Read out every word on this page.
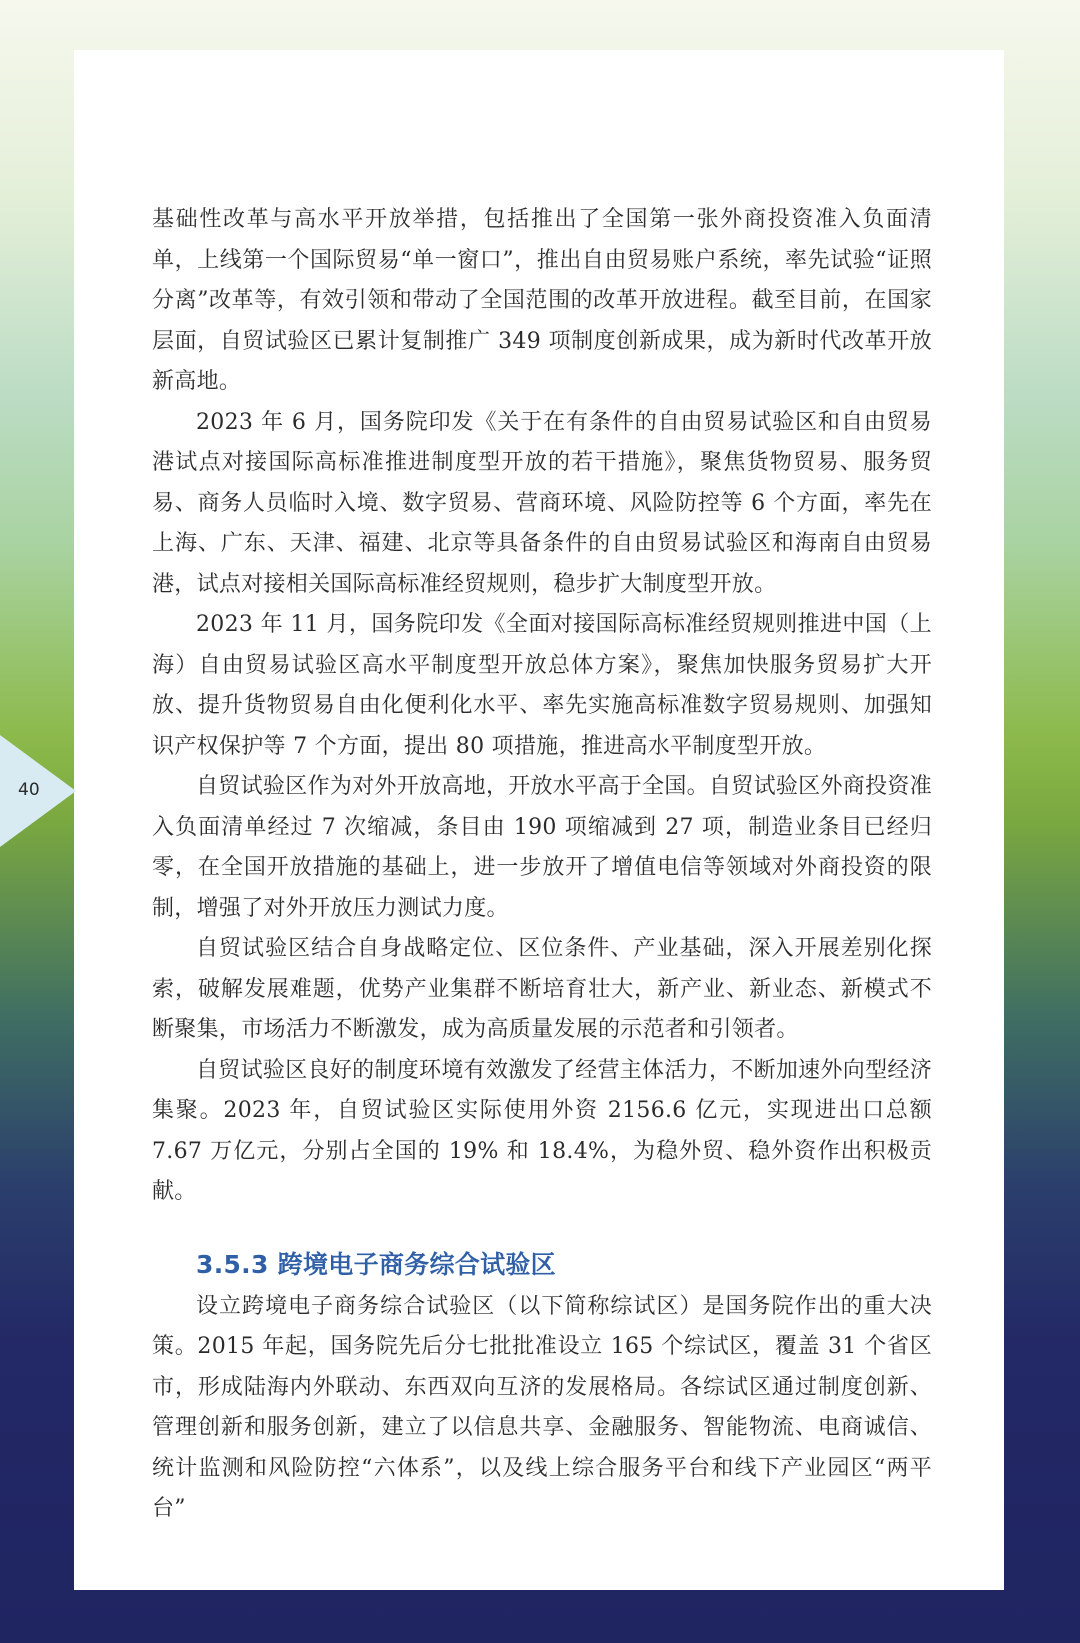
40

基础性改革与高水平开放举措，包括推出了全国第一张外商投资准入负面清单，上线第一个国际贸易“单一窗口”，推出自由贸易账户系统，率先试验“证照分离”改革等，有效引领和带动了全国范围的改革开放进程。截至目前，在国家层面，自贸试验区已累计复制推广 349 项制度创新成果，成为新时代改革开放新高地。

2023 年 6 月，国务院印发《关于在有条件的自由贸易试验区和自由贸易港试点对接国际高标准推进制度型开放的若干措施》，聚焦货物贸易、服务贸易、商务人员临时入境、数字贸易、营商环境、风险防控等 6 个方面，率先在上海、广东、天津、福建、北京等具备条件的自由贸易试验区和海南自由贸易港，试点对接相关国际高标准经贸规则，稳步扩大制度型开放。

2023 年 11 月，国务院印发《全面对接国际高标准经贸规则推进中国（上海）自由贸易试验区高水平制度型开放总体方案》，聚焦加快服务贸易扩大开放、提升货物贸易自由化便利化水平、率先实施高标准数字贸易规则、加强知识产权保护等 7 个方面，提出 80 项措施，推进高水平制度型开放。

自贸试验区作为对外开放高地，开放水平高于全国。自贸试验区外商投资准入负面清单经过 7 次缩减，条目由 190 项缩减到 27 项，制造业条目已经归零，在全国开放措施的基础上，进一步放开了增值电信等领域对外商投资的限制，增强了对外开放压力测试力度。

自贸试验区结合自身战略定位、区位条件、产业基础，深入开展差别化探索，破解发展难题，优势产业集群不断培育壮大，新产业、新业态、新模式不断聚集，市场活力不断激发，成为高质量发展的示范者和引领者。

自贸试验区良好的制度环境有效激发了经营主体活力，不断加速外向型经济集聚。2023 年，自贸试验区实际使用外资 2156.6 亿元，实现进出口总额 7.67 万亿元，分别占全国的 19% 和 18.4%，为稳外贸、稳外资作出积极贡献。

3.5.3 跨境电子商务综合试验区

设立跨境电子商务综合试验区（以下简称综试区）是国务院作出的重大决策。2015 年起，国务院先后分七批批准设立 165 个综试区，覆盖 31 个省区市，形成陆海内外联动、东西双向互济的发展格局。各综试区通过制度创新、管理创新和服务创新，建立了以信息共享、金融服务、智能物流、电商诚信、统计监测和风险防控“六体系”，以及线上综合服务平台和线下产业园区“两平台”
